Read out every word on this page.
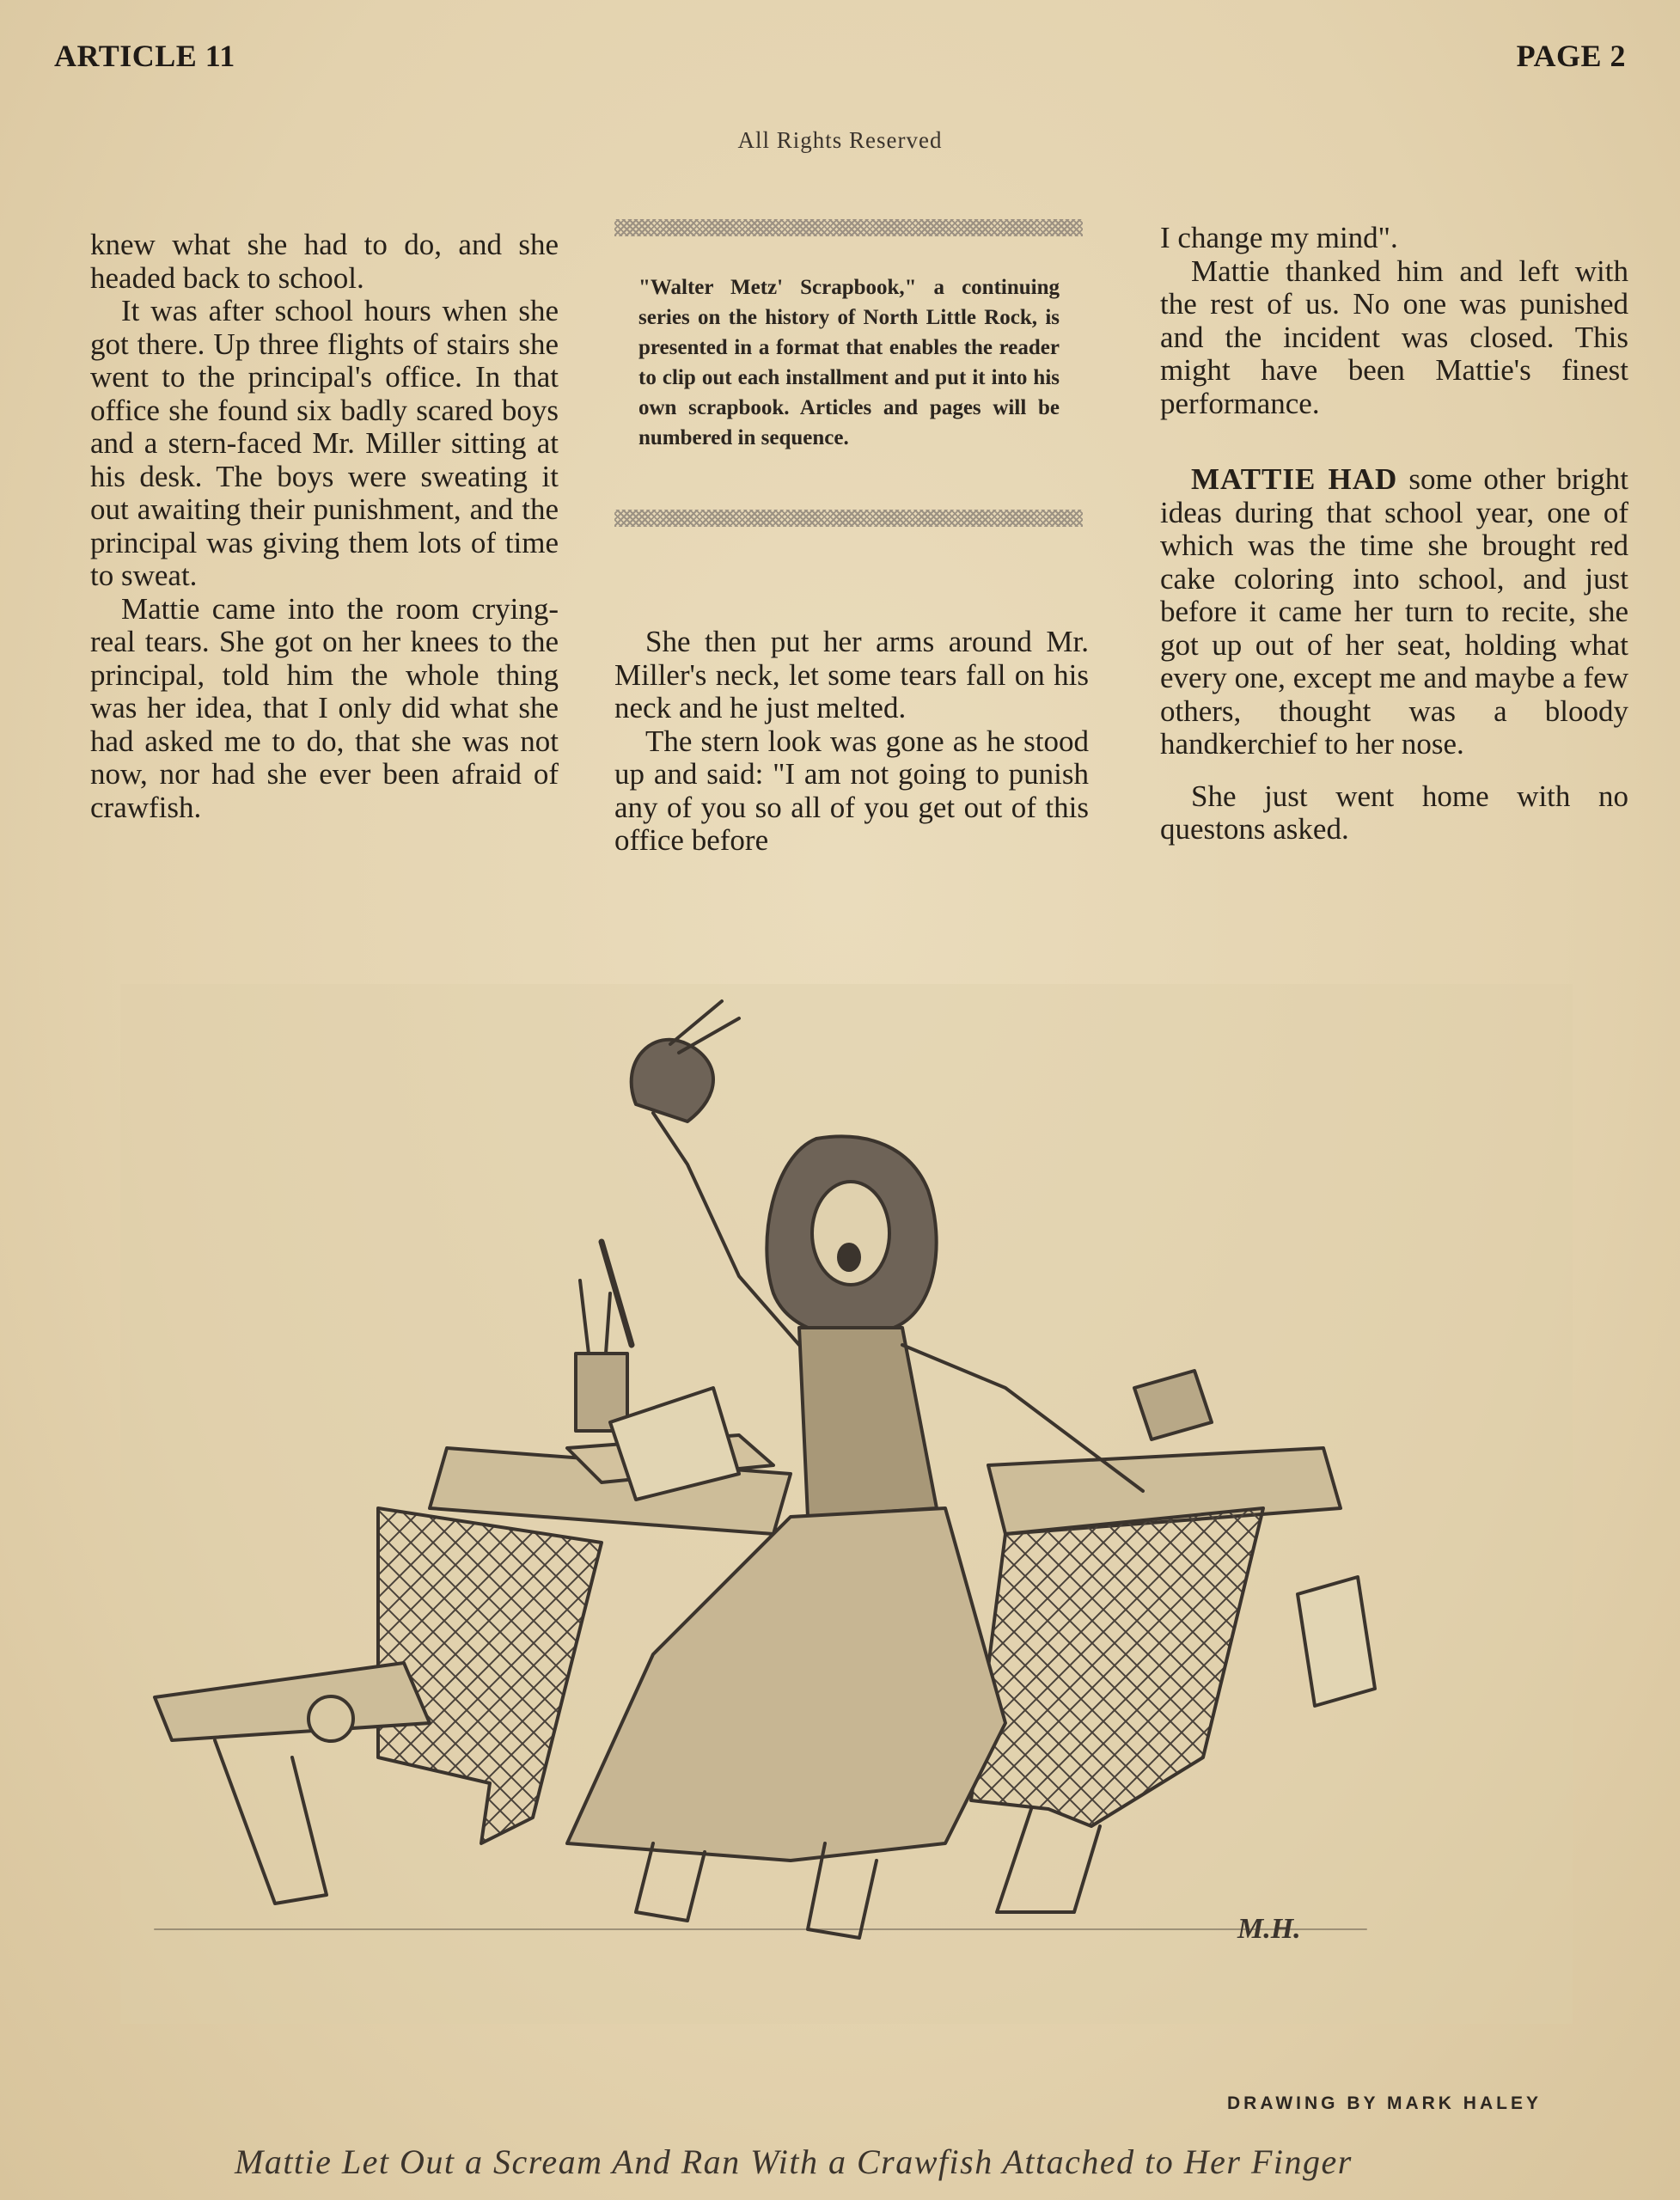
ARTICLE 11	PAGE 2
All Rights Reserved

knew what she had to do, and she headed back to school.

It was after school hours when she got there. Up three flights of stairs she went to the principal's office. In that office she found six badly scared boys and a stern-faced Mr. Miller sitting at his desk. The boys were sweating it out awaiting their punishment, and the principal was giving them lots of time to sweat.

Mattie came into the room crying-real tears. She got on her knees to the principal, told him the whole thing was her idea, that I only did what she had asked me to do, that she was not now, nor had she ever been afraid of crawfish.

"Walter Metz' Scrapbook," a continuing series on the history of North Little Rock, is presented in a format that enables the reader to clip out each installment and put it into his own scrapbook. Articles and pages will be numbered in sequence.

She then put her arms around Mr. Miller's neck, let some tears fall on his neck and he just melted.

The stern look was gone as he stood up and said: "I am not going to punish any of you so all of you get out of this office before

I change my mind".

Mattie thanked him and left with the rest of us. No one was punished and the incident was closed. This might have been Mattie's finest performance.

MATTIE HAD some other bright ideas during that school year, one of which was the time she brought red cake coloring into school, and just before it came her turn to recite, she got up out of her seat, holding what every one, except me and maybe a few others, thought was a bloody handkerchief to her nose.

She just went home with no questons asked.

M.H.
DRAWING BY MARK HALEY
Mattie Let Out a Scream And Ran With a Crawfish Attached to Her Finger
